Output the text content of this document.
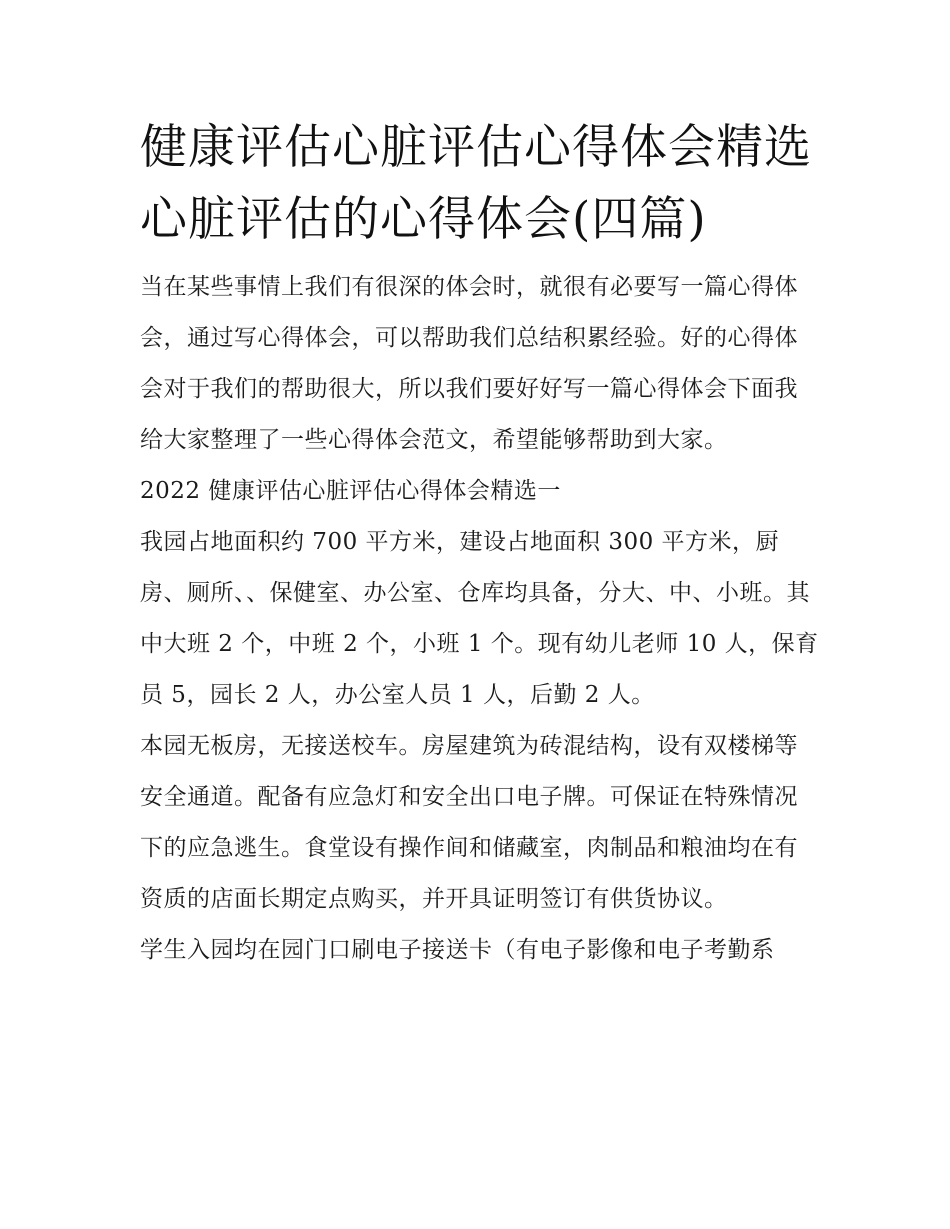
健康评估心脏评估心得体会精选 心脏评估的心得体会(四篇)

当在某些事情上我们有很深的体会时，就很有必要写一篇心得体会，通过写心得体会，可以帮助我们总结积累经验。好的心得体会对于我们的帮助很大，所以我们要好好写一篇心得体会下面我给大家整理了一些心得体会范文，希望能够帮助到大家。

2022 健康评估心脏评估心得体会精选一

我园占地面积约 700 平方米，建设占地面积 300 平方米，厨房、厕所、、保健室、办公室、仓库均具备，分大、中、小班。其中大班 2 个，中班 2 个，小班 1 个。现有幼儿老师 10 人，保育员 5，园长 2 人，办公室人员 1 人，后勤 2 人。

本园无板房，无接送校车。房屋建筑为砖混结构，设有双楼梯等安全通道。配备有应急灯和安全出口电子牌。可保证在特殊情况下的应急逃生。食堂设有操作间和储藏室，肉制品和粮油均在有资质的店面长期定点购买，并开具证明签订有供货协议。

学生入园均在园门口刷电子接送卡（有电子影像和电子考勤系
